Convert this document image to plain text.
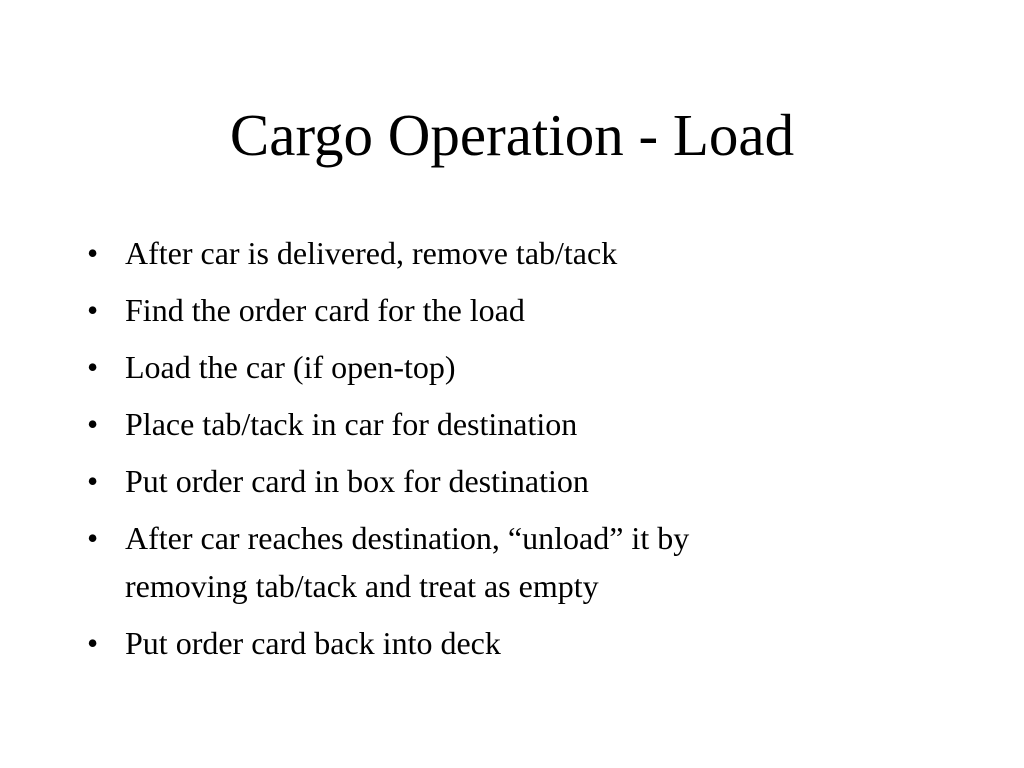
Cargo Operation - Load
• After car is delivered, remove tab/tack
• Find the order card for the load
• Load the car (if open-top)
• Place tab/tack in car for destination
• Put order card in box for destination
• After car reaches destination, “unload” it by
removing tab/tack and treat as empty
• Put order card back into deck
